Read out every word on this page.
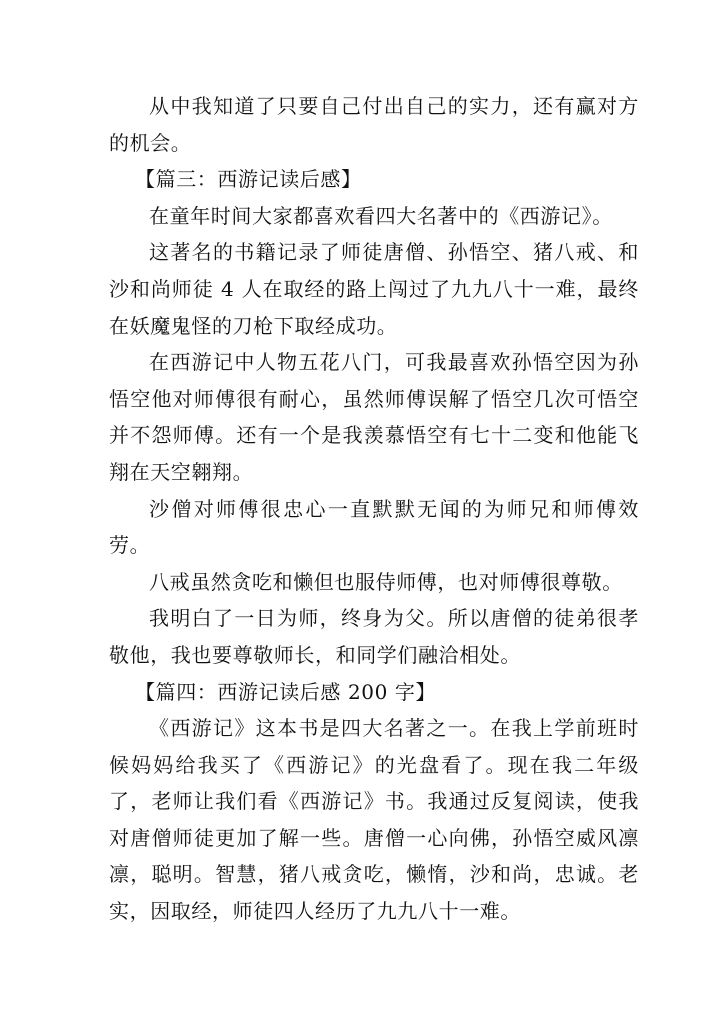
从中我知道了只要自己付出自己的实力，还有赢对方的机会。

【篇三：西游记读后感】

在童年时间大家都喜欢看四大名著中的《西游记》。

这著名的书籍记录了师徒唐僧、孙悟空、猪八戒、和沙和尚师徒 4 人在取经的路上闯过了九九八十一难，最终在妖魔鬼怪的刀枪下取经成功。

在西游记中人物五花八门，可我最喜欢孙悟空因为孙悟空他对师傅很有耐心，虽然师傅误解了悟空几次可悟空并不怨师傅。还有一个是我羡慕悟空有七十二变和他能飞翔在天空翱翔。

沙僧对师傅很忠心一直默默无闻的为师兄和师傅效劳。

八戒虽然贪吃和懒但也服侍师傅，也对师傅很尊敬。

我明白了一日为师，终身为父。所以唐僧的徒弟很孝敬他，我也要尊敬师长，和同学们融洽相处。

【篇四：西游记读后感 200 字】

《西游记》这本书是四大名著之一。在我上学前班时候妈妈给我买了《西游记》的光盘看了。现在我二年级了，老师让我们看《西游记》书。我通过反复阅读，使我对唐僧师徒更加了解一些。唐僧一心向佛，孙悟空威风凛凛，聪明。智慧，猪八戒贪吃，懒惰，沙和尚，忠诚。老实，因取经，师徒四人经历了九九八十一难。
